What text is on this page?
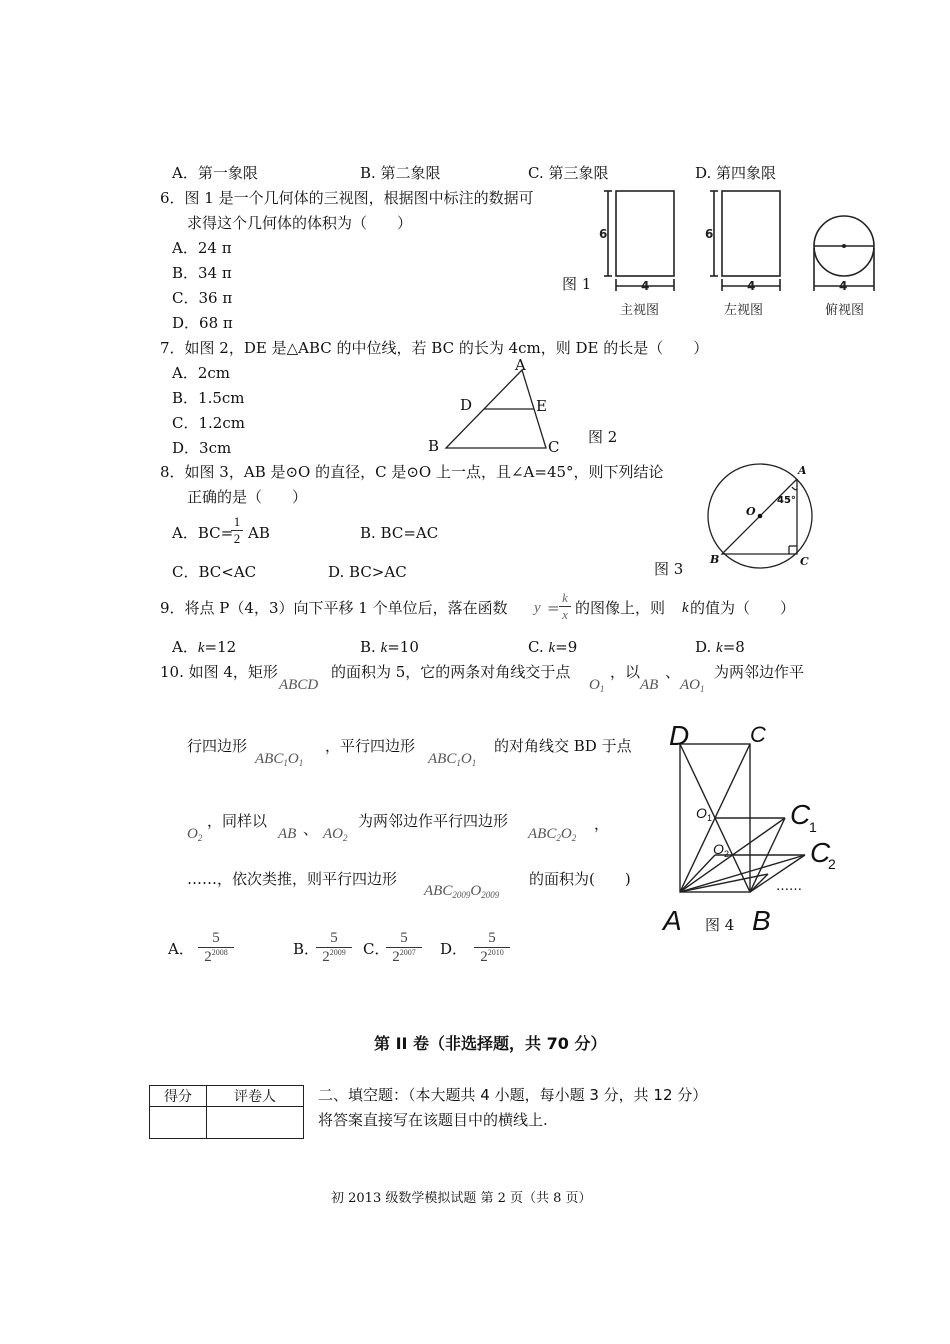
A．第一象限	B. 第二象限	C. 第三象限	D. 第四象限
6．图 1 是一个几何体的三视图，根据图中标注的数据可
求得这个几何体的体积为（　　）
A．24 π
B．34 π
C．36 π
D．68 π
图 1
6
4
6
4	4
主视图	左视图	俯视图
7．如图 2，DE 是△ABC 的中位线，若 BC 的长为 4cm，则 DE 的长是（　　）
A．2cm
B．1.5cm
C．1.2cm
D．3cm
图 2
A
B	C
D	E
8．如图 3，AB 是⊙O 的直径，C 是⊙O 上一点，且∠A=45°，则下列结论
正确的是（　　）
A．BC=
$\frac{1}{2}$ AB	B. BC=AC
C．BC<AC	D. BC>AC	图 3
A
B	C
O
45°
9．将点 P（4，3）向下平移 1 个单位后，落在函数 $y = \frac{k}{x}$ 的图像上，则 k 的值为（　　）
A．k=12	B. k=10	C. k=9	D. k=8
10. 如图 4，矩形
ABCD
的面积为 5，它的两条对角线交于点
$O_1$
，以
AB
、
$AO_1$
为两邻边作平
行四边形
$ABC_1O_1$
，平行四边形
$ABC_1O_1$
的对角线交 BD 于点
$O_2$
，同样以
AB 、 $AO_2$
为两邻边作平行四边形
$ABC_2O_2$
，
……，依次类推，则平行四边形
$ABC_{2009}O_{2009}$
的面积为(　　)
A． $\frac{5}{2^{2008}}$	B．
$\frac{5}{2^{2009}}$ C．
$\frac{5}{2^{2007}}$ D． $\frac{5}{2^{2010}}$
图 4
D	C
A	B
C
1
C
2
O 1
O 2
……
第 II 卷（非选择题，共 70 分）
得分	评卷人
		二、填空题：（本大题共 4 小题，每小题 3 分，共 12 分）
将答案直接写在该题目中的横线上.
初 2013 级数学模拟试题 第 2 页（共 8 页）
